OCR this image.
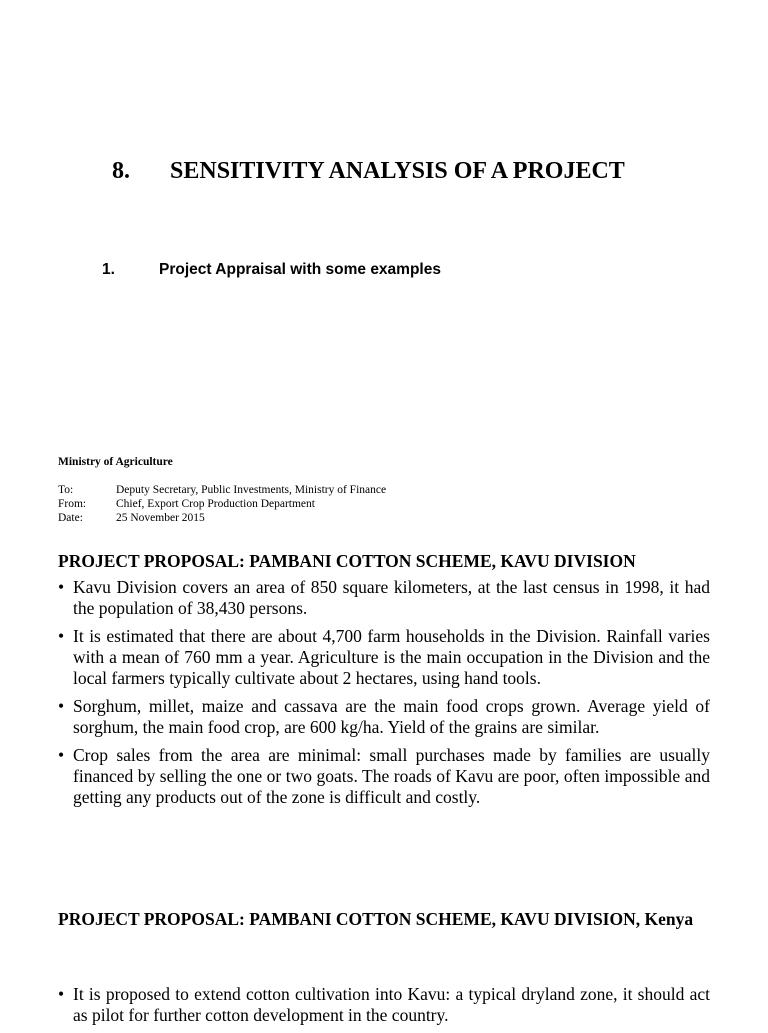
8. SENSITIVITY ANALYSIS OF A PROJECT
1.	Project Appraisal with some examples
Ministry of Agriculture
To:	Deputy Secretary, Public Investments, Ministry of Finance
From:	Chief, Export Crop Production Department
Date:	25 November 2015
PROJECT PROPOSAL: PAMBANI COTTON SCHEME, KAVU DIVISION
• Kavu Division covers an area of 850 square kilometers, at the last census in 1998, it had the population of 38,430 persons.
• It is estimated that there are about 4,700 farm households in the Division. Rainfall varies with a mean of 760 mm a year. Agriculture is the main occupation in the Division and the local farmers typically cultivate about 2 hectares, using hand tools.
• Sorghum, millet, maize and cassava are the main food crops grown. Average yield of sorghum, the main food crop, are 600 kg/ha. Yield of the grains are similar.
• Crop sales from the area are minimal: small purchases made by families are usually financed by selling the one or two goats. The roads of Kavu are poor, often impossible and getting any products out of the zone is difficult and costly.
PROJECT PROPOSAL: PAMBANI COTTON SCHEME, KAVU DIVISION, Kenya
• It is proposed to extend cotton cultivation into Kavu: a typical dryland zone, it should act as pilot for further cotton development in the country.
